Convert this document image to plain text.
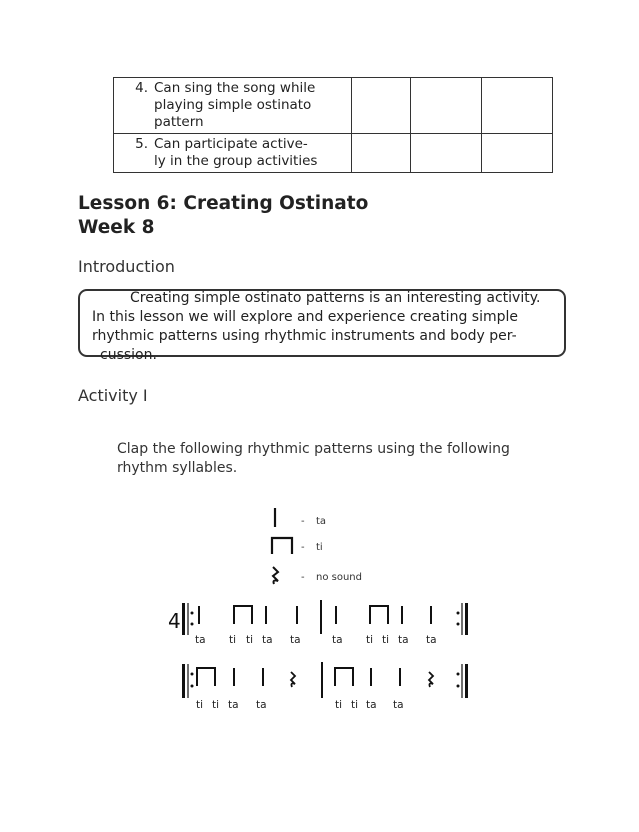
4. Can sing the song while
playing simple ostinato
pattern			

5. Can participate active-
ly in the group activities			

Lesson 6: Creating Ostinato
Week 8
Introduction
Creating simple ostinato patterns is an interesting activity.
In this lesson we will explore and experience creating simple
rhythmic patterns using rhythmic instruments and body per-
cussion.
Activity I
Clap the following rhythmic patterns using the following
rhythm syllables.
- ta
- ti
- no sound
4
ta ti ti ta ta	ta ti ti ta ta
ti ti ta ta	ti ti ta ta
